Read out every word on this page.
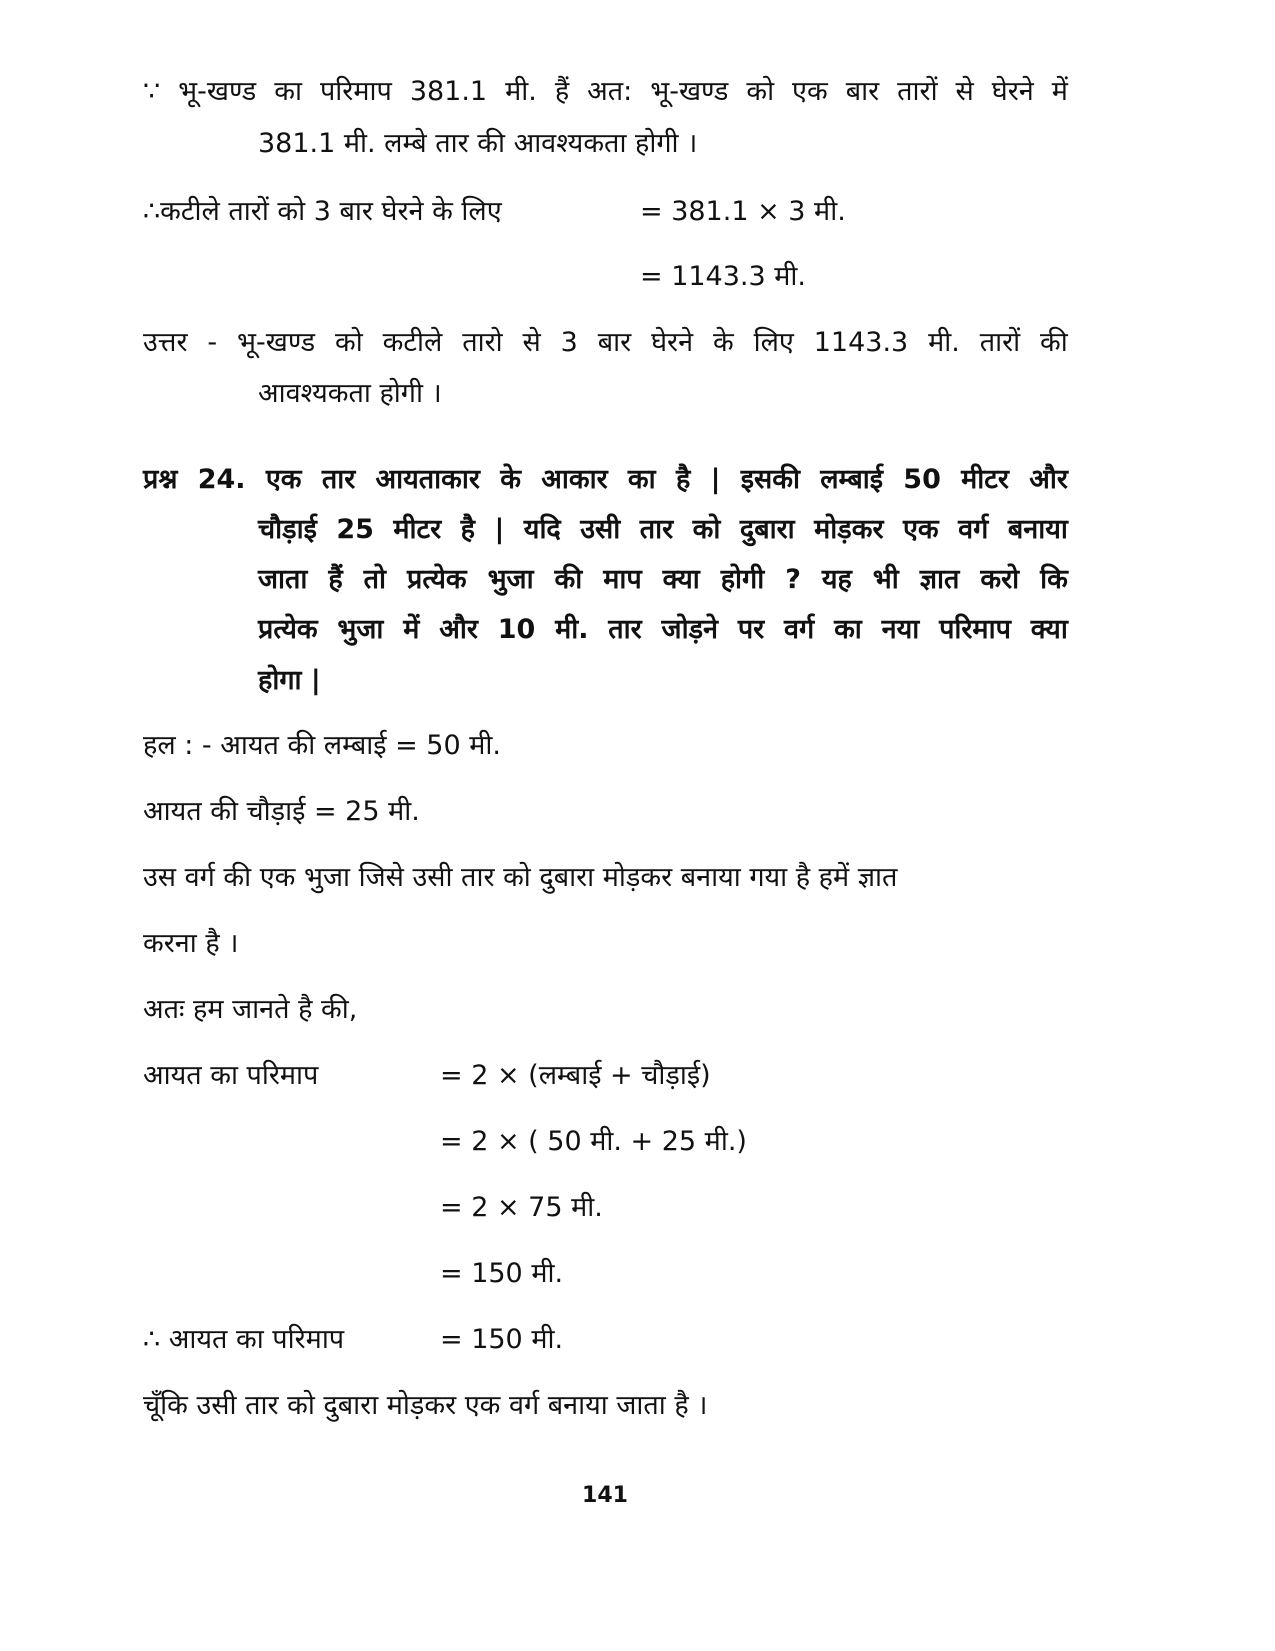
∵ भू-खण्ड का परिमाप 381.1 मी. हैं अत: भू-खण्ड को एक बार तारों से घेरने में
381.1 मी. लम्बे तार की आवश्यकता होगी ।
∴कटीले तारों को 3 बार घेरने के लिए	= 381.1 × 3 मी.
= 1143.3 मी.
उत्तर - भू-खण्ड को कटीले तारो से 3 बार घेरने के लिए 1143.3 मी. तारों की
आवश्यकता होगी ।
प्रश्न 24. एक तार आयताकार के आकार का है | इसकी लम्बाई 50 मीटर और
चौड़ाई 25 मीटर है | यदि उसी तार को दुबारा मोड़कर एक वर्ग बनाया
जाता हैं तो प्रत्येक भुजा की माप क्या होगी ? यह भी ज्ञात करो कि
प्रत्येक भुजा में और 10 मी. तार जोड़ने पर वर्ग का नया परिमाप क्या
होगा |
हल : - आयत की लम्बाई = 50 मी.
आयत की चौड़ाई = 25 मी.
उस वर्ग की एक भुजा जिसे उसी तार को दुबारा मोड़कर बनाया गया है हमें ज्ञात
करना है ।
अतः हम जानते है की,
आयत का परिमाप	= 2 × (लम्बाई + चौड़ाई)
= 2 × ( 50 मी. + 25 मी.)
= 2 × 75 मी.
= 150 मी.
∴ आयत का परिमाप	= 150 मी.
चूँकि उसी तार को दुबारा मोड़कर एक वर्ग बनाया जाता है ।
141
